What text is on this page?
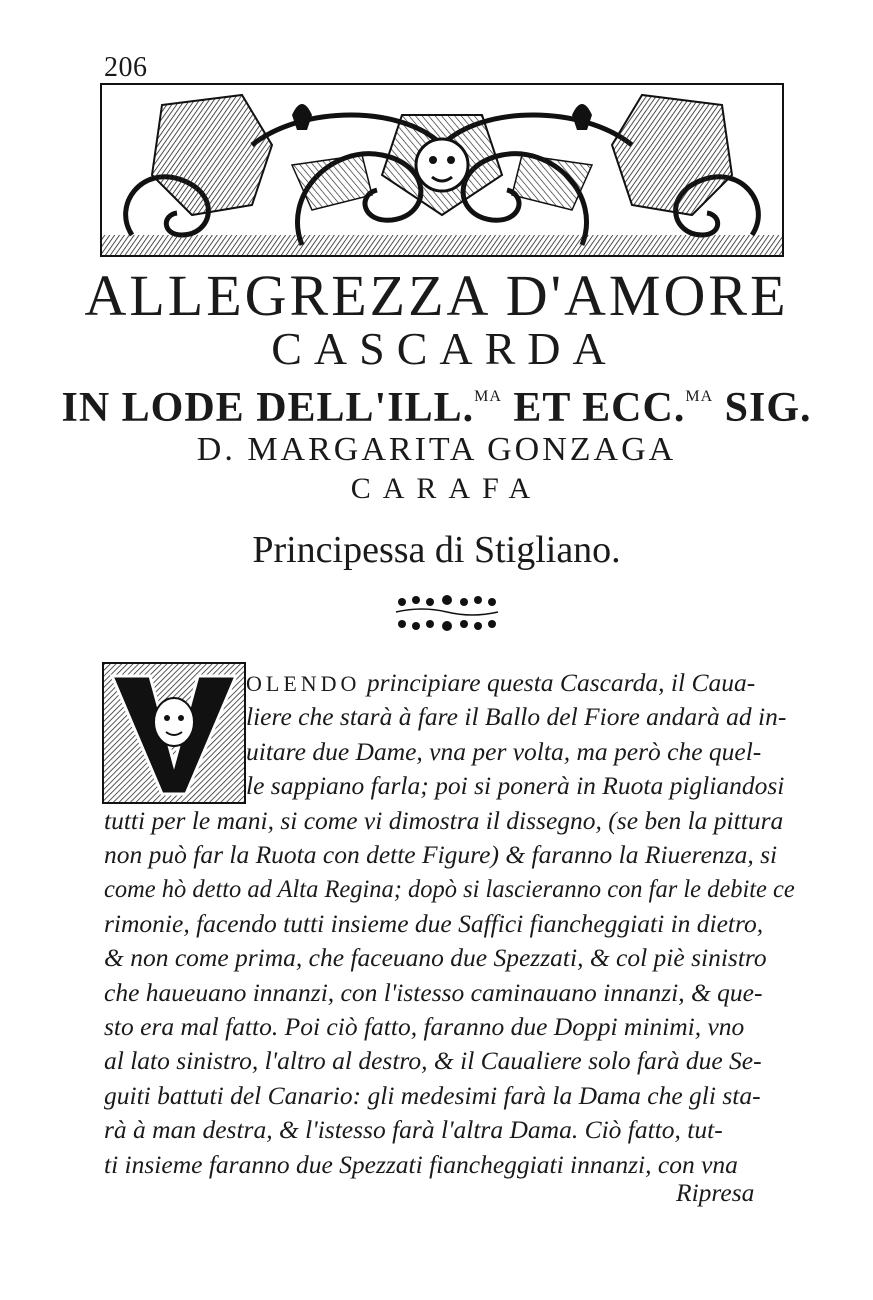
206
ALLEGREZZA D'AMORE
CASCARDA
IN LODE DELL'ILL.$^{MA}$ ET ECC.$^{MA}$ SIG.
D. MARGARITA GONZAGA
CARAFA
Principessa di Stigliano.
OLENDO principiare questa Cascarda, il Caua-
liere che starà à fare il Ballo del Fiore andarà ad in-
uitare due Dame, vna per volta, ma però che quel-
le sappiano farla; poi si ponerà in Ruota pigliandosi
tutti per le mani, si come vi dimostra il dissegno, (se ben la pittura
non può far la Ruota con dette Figure) & faranno la Riuerenza, si
come hò detto ad Alta Regina; dopò si lascieranno con far le debite ce
rimonie, facendo tutti insieme due Saffici fiancheggiati in dietro,
& non come prima, che faceuano due Spezzati, & col piè sinistro
che haueuano innanzi, con l'istesso caminauano innanzi, & que-
sto era mal fatto. Poi ciò fatto, faranno due Doppi minimi, vno
al lato sinistro, l'altro al destro, & il Caualiere solo farà due Se-
guiti battuti del Canario: gli medesimi farà la Dama che gli sta-
rà à man destra, & l'istesso farà l'altra Dama. Ciò fatto, tut-
ti insieme faranno due Spezzati fiancheggiati innanzi, con vna
Ripresa
